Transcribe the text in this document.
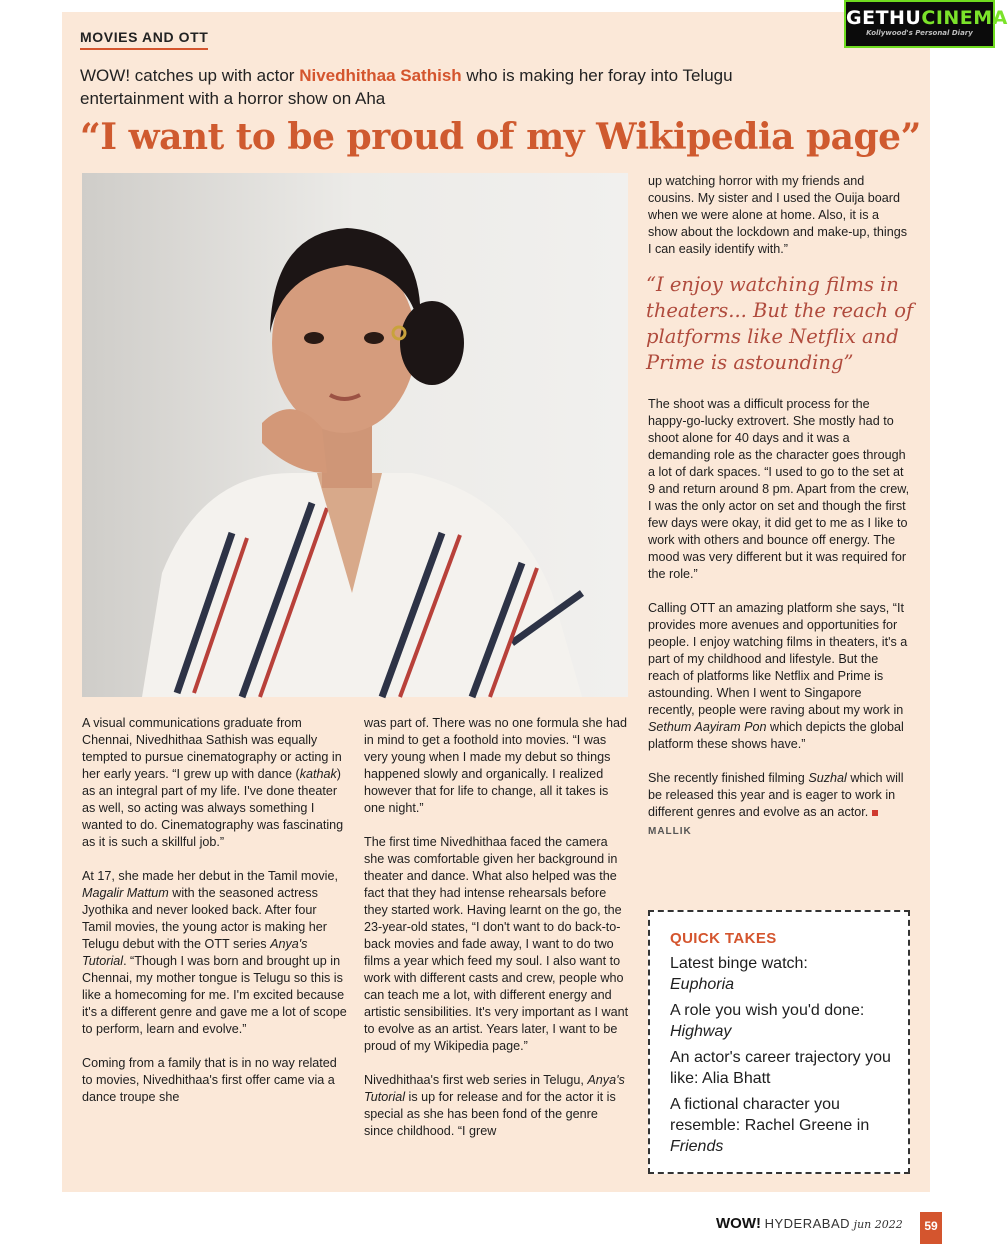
GETHUCINEMA
Kollywood's Personal Diary
MOVIES AND OTT
WOW! catches up with actor Nivedhithaa Sathish who is making her foray into Telugu entertainment with a horror show on Aha
“I want to be proud of my Wikipedia page”

A visual communications graduate from Chennai, Nivedhithaa Sathish was equally tempted to pursue cinematography or acting in her early years. “I grew up with dance (kathak) as an integral part of my life. I've done theater as well, so acting was always something I wanted to do. Cinematography was fascinating as it is such a skillful job.”

At 17, she made her debut in the Tamil movie, Magalir Mattum with the seasoned actress Jyothika and never looked back. After four Tamil movies, the young actor is making her Telugu debut with the OTT series Anya's Tutorial. “Though I was born and brought up in Chennai, my mother tongue is Telugu so this is like a homecoming for me. I'm excited because it's a different genre and gave me a lot of scope to perform, learn and evolve.”

Coming from a family that is in no way related to movies, Nivedhithaa's first offer came via a dance troupe she

was part of. There was no one formula she had in mind to get a foothold into movies. “I was very young when I made my debut so things happened slowly and organically. I realized however that for life to change, all it takes is one night.”

The first time Nivedhithaa faced the camera she was comfortable given her background in theater and dance. What also helped was the fact that they had intense rehearsals before they started work. Having learnt on the go, the 23-year-old states, “I don't want to do back-to-back movies and fade away, I want to do two films a year which feed my soul. I also want to work with different casts and crew, people who can teach me a lot, with different energy and artistic sensibilities. It's very important as I want to evolve as an artist. Years later, I want to be proud of my Wikipedia page.”

Nivedhithaa's first web series in Telugu, Anya's Tutorial is up for release and for the actor it is special as she has been fond of the genre since childhood. “I grew

up watching horror with my friends and cousins. My sister and I used the Ouija board when we were alone at home. Also, it is a show about the lockdown and make-up, things I can easily identify with.”

“I enjoy watching films in theaters... But the reach of platforms like Netflix and Prime is astounding”

The shoot was a difficult process for the happy-go-lucky extrovert. She mostly had to shoot alone for 40 days and it was a demanding role as the character goes through a lot of dark spaces. “I used to go to the set at 9 and return around 8 pm. Apart from the crew, I was the only actor on set and though the first few days were okay, it did get to me as I like to work with others and bounce off energy. The mood was very different but it was required for the role.”

Calling OTT an amazing platform she says, “It provides more avenues and opportunities for people. I enjoy watching films in theaters, it's a part of my childhood and lifestyle. But the reach of platforms like Netflix and Prime is astounding. When I went to Singapore recently, people were raving about my work in Sethum Aayiram Pon which depicts the global platform these shows have.”

She recently finished filming Suzhal which will be released this year and is eager to work in different genres and evolve as an actor. MALLIK

QUICK TAKES
Latest binge watch:
Euphoria
A role you wish you'd done:
Highway
An actor's career trajectory you like: Alia Bhatt
A fictional character you resemble: Rachel Greene in Friends
WOW! HYDERABAD jun 2022	59
